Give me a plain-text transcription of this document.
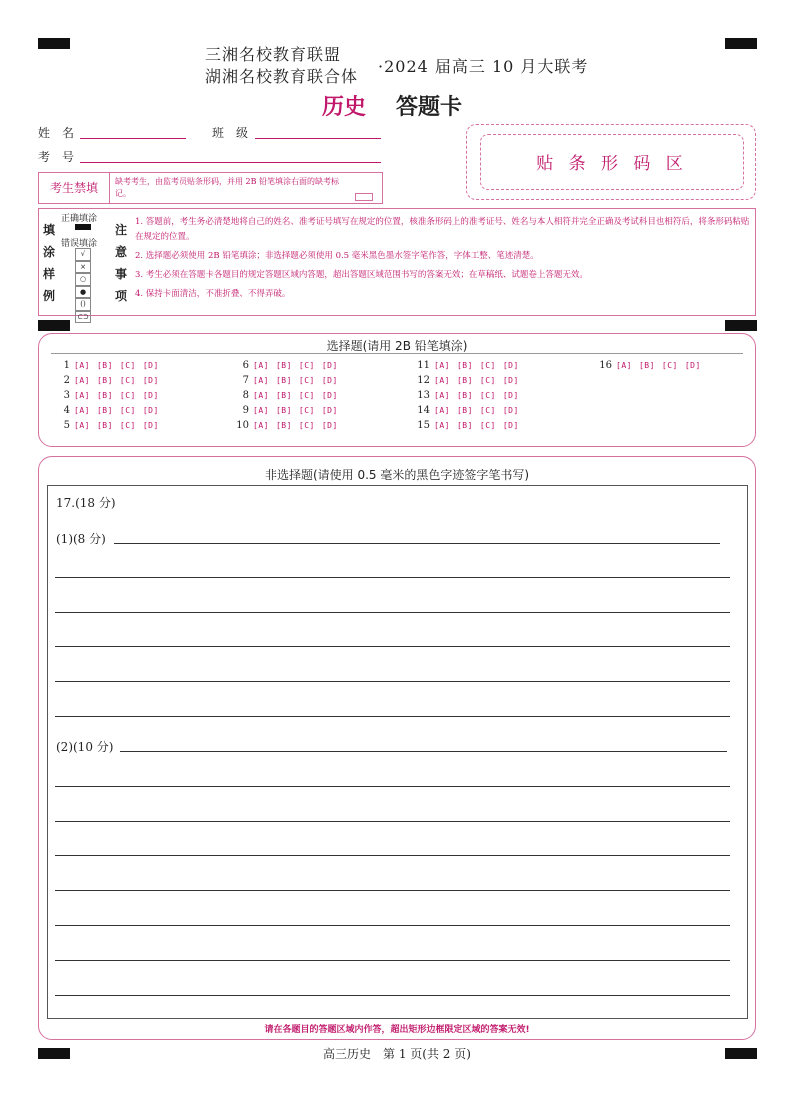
三湘名校教育联盟
湖湘名校教育联合体
·2024 届高三 10 月大联考
历史 答题卡
姓　名	班　级
考　号	贴 条 形 码 区
考生禁填	缺考考生，由监考员贴条形码，并用 2B 铅笔填涂右面的缺考标记。
填
涂
样
例
正确填涂
错误填涂
√
×
○
●
()
⊂⊃
注
意
事
项
1. 答题前，考生务必清楚地将自己的姓名、准考证号填写在规定的位置，核准条形码上的准考证号、姓名与本人相符并完全正确及考试科目也相符后，将条形码粘贴在规定的位置。
2. 选择题必须使用 2B 铅笔填涂；非选择题必须使用 0.5 毫米黑色墨水签字笔作答，字体工整、笔迹清楚。
3. 考生必须在答题卡各题目的规定答题区域内答题，超出答题区域范围书写的答案无效；在草稿纸、试题卷上答题无效。
4. 保持卡面清洁，不准折叠、不得弄破。
选择题(请用 2B 铅笔填涂)
1 [A] [B] [C] [D]
2 [A] [B] [C] [D]
3 [A] [B] [C] [D]
4 [A] [B] [C] [D]
5 [A] [B] [C] [D]
6 [A] [B] [C] [D]
7 [A] [B] [C] [D]
8 [A] [B] [C] [D]
9 [A] [B] [C] [D]
10 [A] [B] [C] [D]
11 [A] [B] [C] [D]
12 [A] [B] [C] [D]
13 [A] [B] [C] [D]
14 [A] [B] [C] [D]
15 [A] [B] [C] [D]
16 [A] [B] [C] [D]
非选择题(请使用 0.5 毫米的黑色字迹签字笔书写)
请在各题目的答题区域内作答，超出矩形边框限定区域的答案无效!
17.(18 分)
(1)(8 分)
(2)(10 分)
高三历史　第 1 页(共 2 页)
